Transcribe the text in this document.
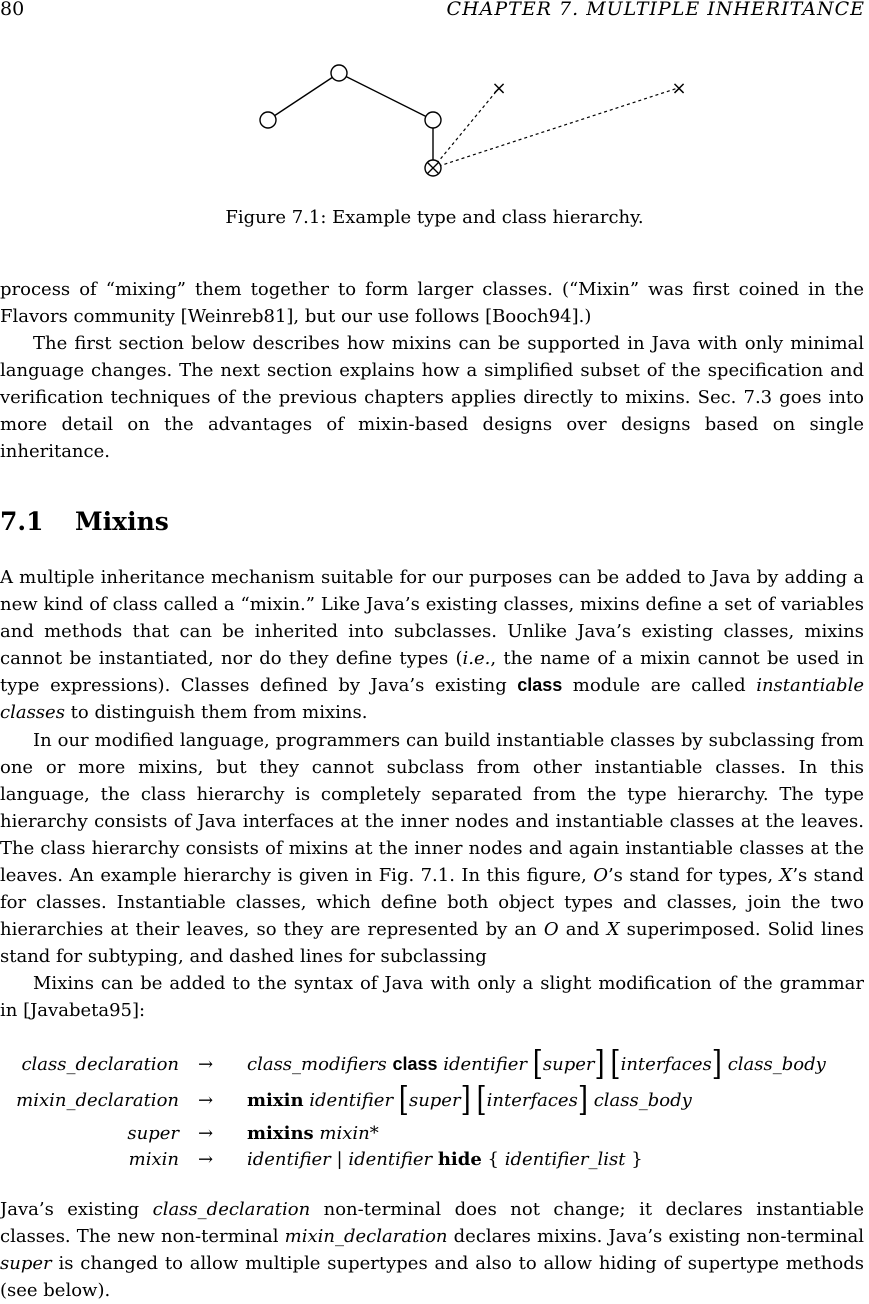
80	CHAPTER 7. MULTIPLE INHERITANCE
×	×
Figure 7.1: Example type and class hierarchy.
process of “mixing” them together to form larger classes. (“Mixin” was first coined in the Flavors community [Weinreb81], but our use follows [Booch94].)
The first section below describes how mixins can be supported in Java with only minimal language changes. The next section explains how a simplified subset of the specification and verification techniques of the previous chapters applies directly to mixins. Sec. 7.3 goes into more detail on the advantages of mixin-based designs over designs based on single inheritance.
7.1 Mixins
A multiple inheritance mechanism suitable for our purposes can be added to Java by adding a new kind of class called a “mixin.” Like Java’s existing classes, mixins define a set of variables and methods that can be inherited into subclasses. Unlike Java’s existing classes, mixins cannot be instantiated, nor do they define types (i.e., the name of a mixin cannot be used in type expressions). Classes defined by Java’s existing class module are called instantiable classes to distinguish them from mixins.
In our modified language, programmers can build instantiable classes by subclassing from one or more mixins, but they cannot subclass from other instantiable classes. In this language, the class hierarchy is completely separated from the type hierarchy. The type hierarchy consists of Java interfaces at the inner nodes and instantiable classes at the leaves. The class hierarchy consists of mixins at the inner nodes and again instantiable classes at the leaves. An example hierarchy is given in Fig. 7.1. In this figure, O’s stand for types, X’s stand for classes. Instantiable classes, which define both object types and classes, join the two hierarchies at their leaves, so they are represented by an O and X superimposed. Solid lines stand for subtyping, and dashed lines for subclassing
Mixins can be added to the syntax of Java with only a slight modification of the grammar in [Javabeta95]:
class_declaration → class_modifiers class identifier [super] [interfaces] class_body
mixin_declaration → mixin identifier [super] [interfaces] class_body
super → mixins mixin*
mixin → identifier | identifier hide { identifier_list }
Java’s existing class_declaration non-terminal does not change; it declares instantiable classes. The new non-terminal mixin_declaration declares mixins. Java’s existing non-terminal super is changed to allow multiple supertypes and also to allow hiding of supertype methods (see below).
